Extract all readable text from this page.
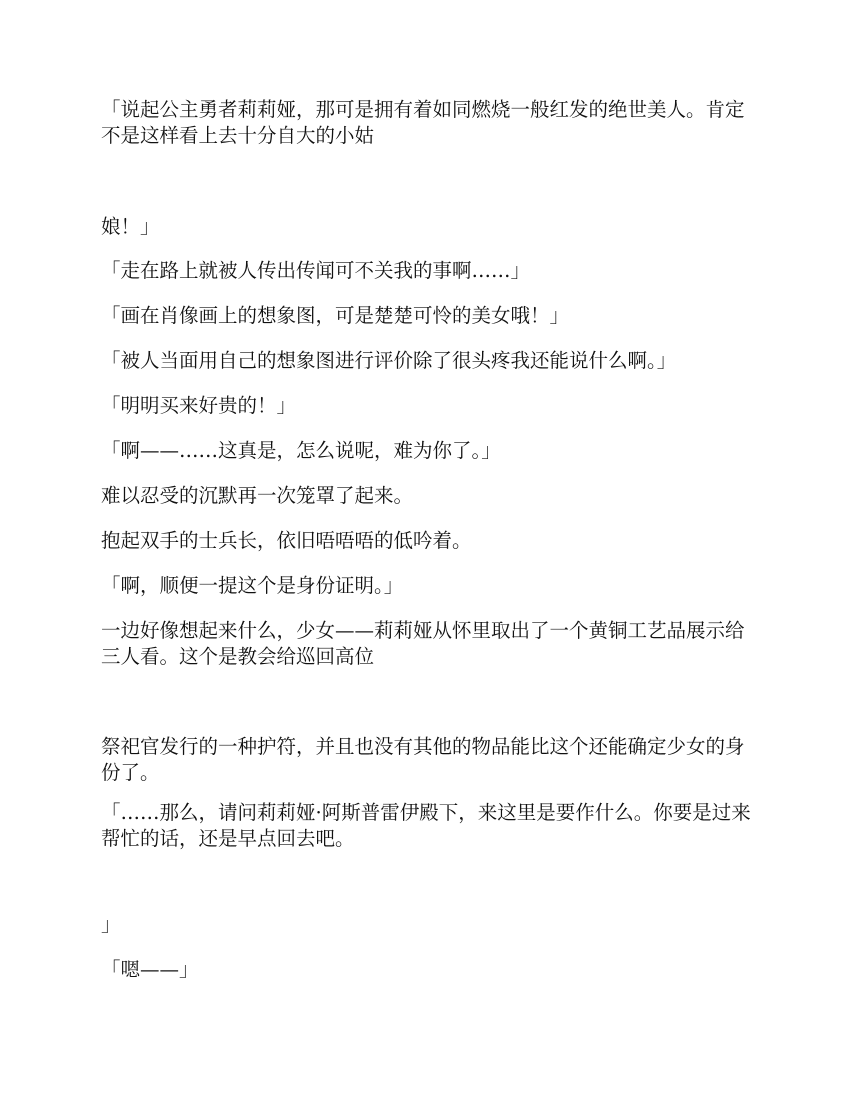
「说起公主勇者莉莉娅，那可是拥有着如同燃烧一般红发的绝世美人。肯定不是这样看上去十分自大的小姑

娘！」

「走在路上就被人传出传闻可不关我的事啊……」

「画在肖像画上的想象图，可是楚楚可怜的美女哦！」

「被人当面用自己的想象图进行评价除了很头疼我还能说什么啊。」

「明明买来好贵的！」

「啊——……这真是，怎么说呢，难为你了。」

难以忍受的沉默再一次笼罩了起来。

抱起双手的士兵长，依旧唔唔唔的低吟着。

「啊，顺便一提这个是身份证明。」

一边好像想起来什么，少女——莉莉娅从怀里取出了一个黄铜工艺品展示给三人看。这个是教会给巡回高位

祭祀官发行的一种护符，并且也没有其他的物品能比这个还能确定少女的身份了。

「……那么，请问莉莉娅·阿斯普雷伊殿下，来这里是要作什么。你要是过来帮忙的话，还是早点回去吧。

」

「嗯——」
